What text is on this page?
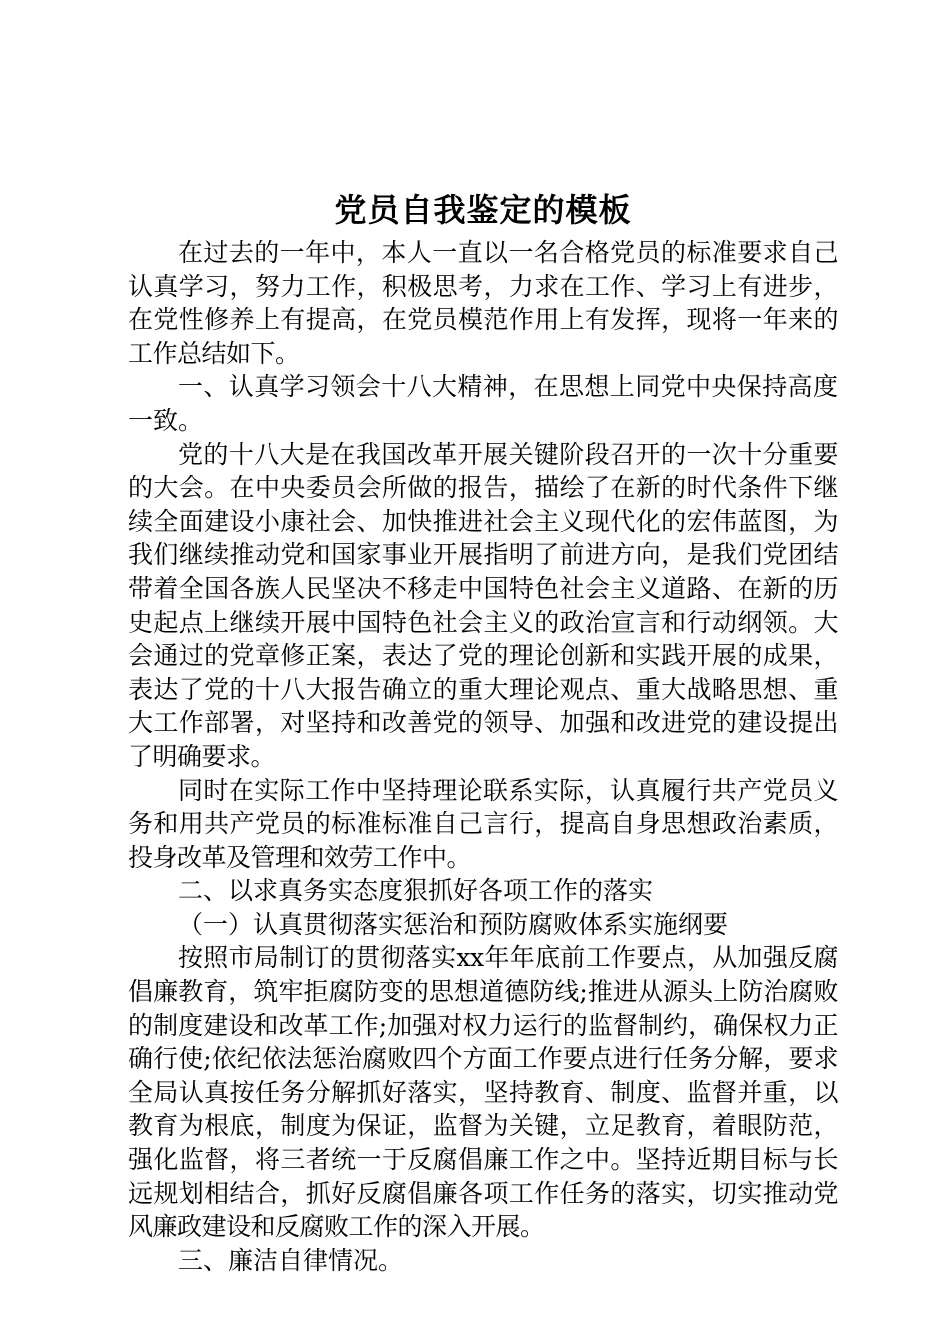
党员自我鉴定的模板

在过去的一年中，本人一直以一名合格党员的标准要求自己认真学习，努力工作，积极思考，力求在工作、学习上有进步，在党性修养上有提高，在党员模范作用上有发挥，现将一年来的工作总结如下。

一、认真学习领会十八大精神，在思想上同党中央保持高度一致。

党的十八大是在我国改革开展关键阶段召开的一次十分重要的大会。在中央委员会所做的报告，描绘了在新的时代条件下继续全面建设小康社会、加快推进社会主义现代化的宏伟蓝图，为我们继续推动党和国家事业开展指明了前进方向，是我们党团结带着全国各族人民坚决不移走中国特色社会主义道路、在新的历史起点上继续开展中国特色社会主义的政治宣言和行动纲领。大会通过的党章修正案，表达了党的理论创新和实践开展的成果，表达了党的十八大报告确立的重大理论观点、重大战略思想、重大工作部署，对坚持和改善党的领导、加强和改进党的建设提出了明确要求。

同时在实际工作中坚持理论联系实际，认真履行共产党员义务和用共产党员的标准标准自己言行，提高自身思想政治素质，投身改革及管理和效劳工作中。

二、以求真务实态度狠抓好各项工作的落实

（一）认真贯彻落实惩治和预防腐败体系实施纲要

按照市局制订的贯彻落实xx年年底前工作要点，从加强反腐倡廉教育，筑牢拒腐防变的思想道德防线;推进从源头上防治腐败的制度建设和改革工作;加强对权力运行的监督制约，确保权力正确行使;依纪依法惩治腐败四个方面工作要点进行任务分解，要求全局认真按任务分解抓好落实，坚持教育、制度、监督并重，以教育为根底，制度为保证，监督为关键，立足教育，着眼防范，强化监督，将三者统一于反腐倡廉工作之中。坚持近期目标与长远规划相结合，抓好反腐倡廉各项工作任务的落实，切实推动党风廉政建设和反腐败工作的深入开展。

三、廉洁自律情况。
